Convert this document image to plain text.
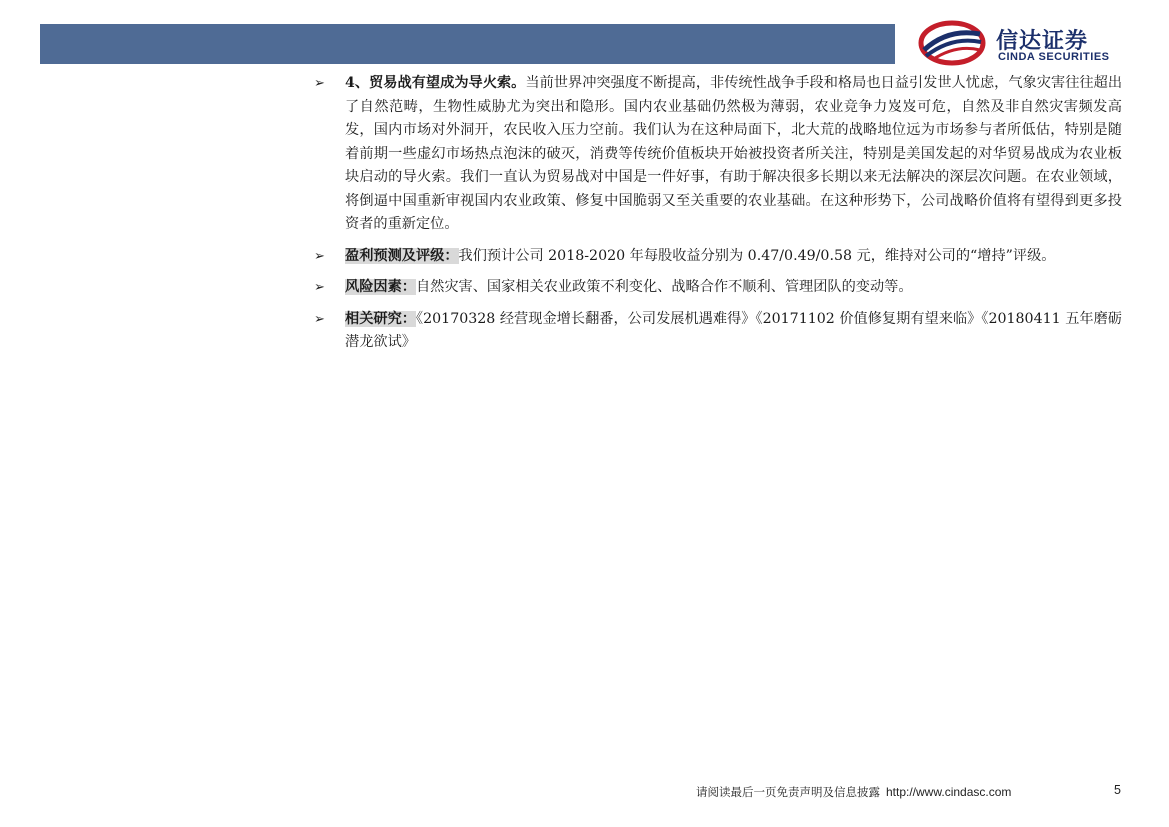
信达证券
CINDA SECURITIES
➢ 4、贸易战有望成为导火索。当前世界冲突强度不断提高，非传统性战争手段和格局也日益引发世人忧虑，气象灾害往往超出了自然范畴，生物性威胁尤为突出和隐形。国内农业基础仍然极为薄弱，农业竞争力岌岌可危，自然及非自然灾害频发高发，国内市场对外洞开，农民收入压力空前。我们认为在这种局面下，北大荒的战略地位远为市场参与者所低估，特别是随着前期一些虚幻市场热点泡沫的破灭，消费等传统价值板块开始被投资者所关注，特别是美国发起的对华贸易战成为农业板块启动的导火索。我们一直认为贸易战对中国是一件好事，有助于解决很多长期以来无法解决的深层次问题。在农业领域，将倒逼中国重新审视国内农业政策、修复中国脆弱又至关重要的农业基础。在这种形势下，公司战略价值将有望得到更多投资者的重新定位。
➢ 盈利预测及评级：我们预计公司 2018-2020 年每股收益分别为 0.47/0.49/0.58 元，维持对公司的“增持”评级。
➢ 风险因素：自然灾害、国家相关农业政策不利变化、战略合作不顺利、管理团队的变动等。
➢ 相关研究：《20170328 经营现金增长翻番，公司发展机遇难得》《20171102 价值修复期有望来临》《20180411 五年磨砺 潜龙欲试》
请阅读最后一页免责声明及信息披露 http://www.cindasc.com	5
